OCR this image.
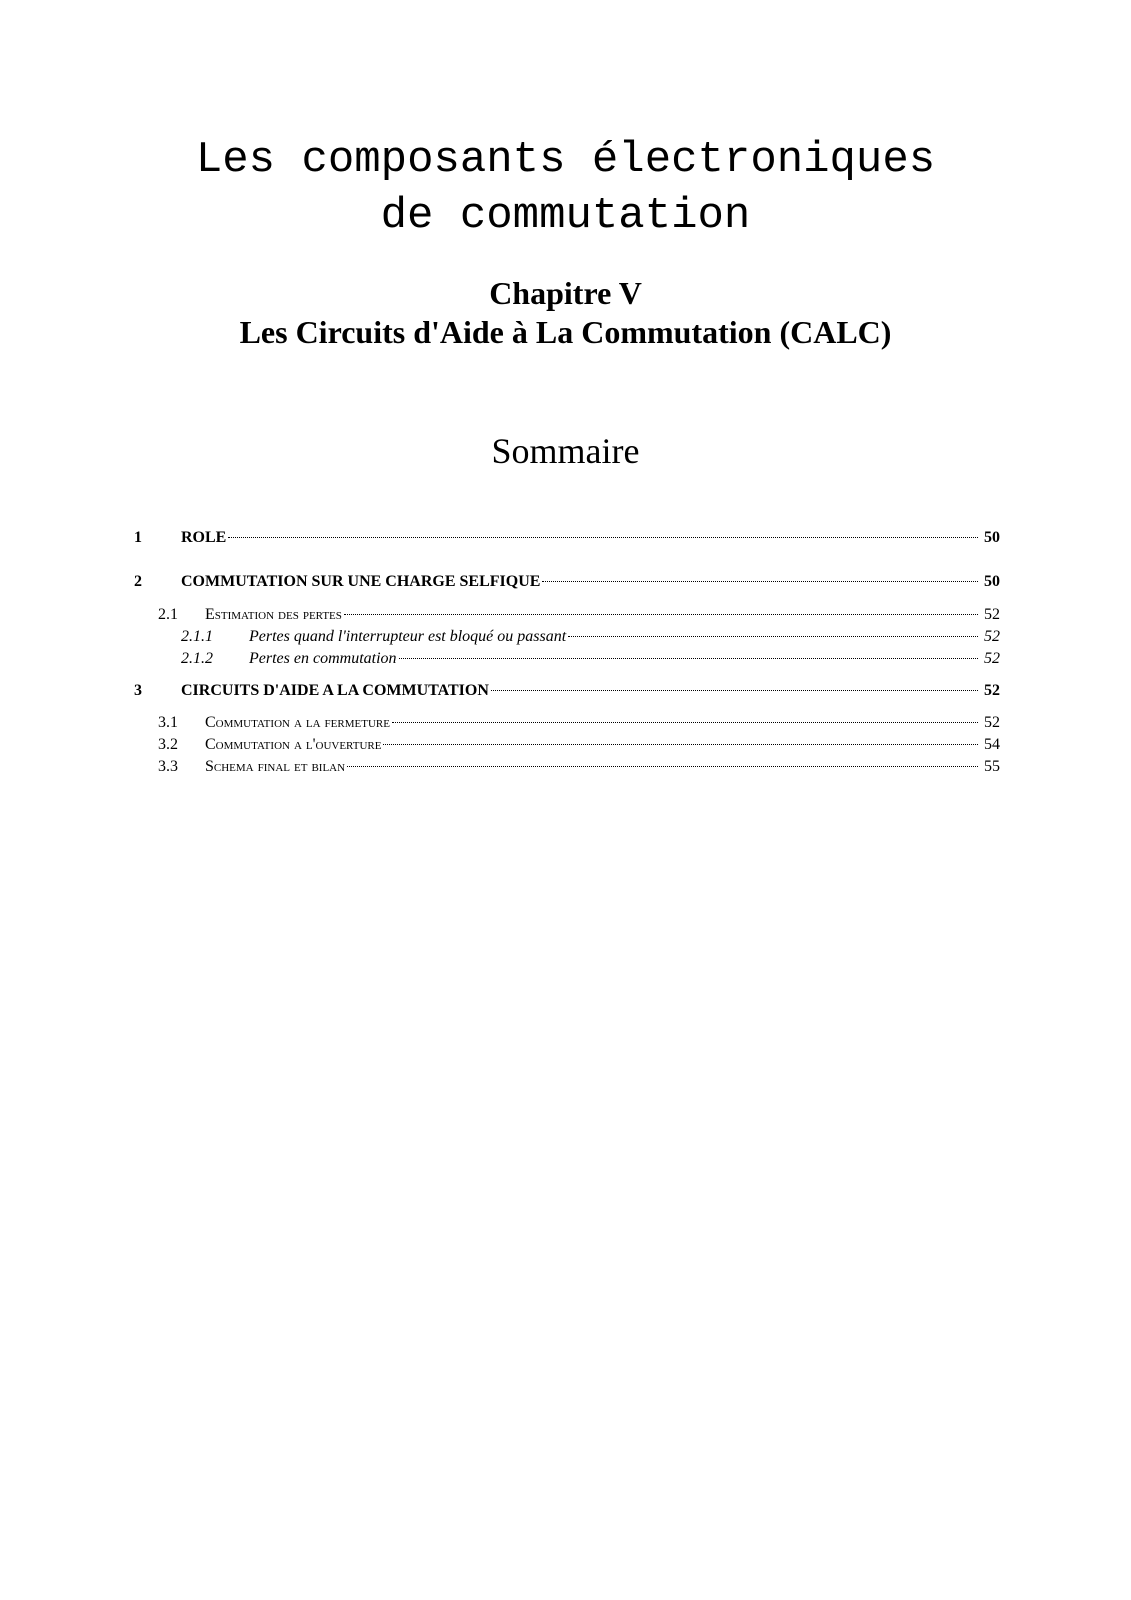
Les composants électroniques
de commutation
Chapitre V
Les Circuits d'Aide à La Commutation (CALC)
Sommaire
1 ROLE	50
2 COMMUTATION SUR UNE CHARGE SELFIQUE	50
2.1 Estimation des pertes	52
2.1.1 Pertes quand l'interrupteur est bloqué ou passant	52
2.1.2 Pertes en commutation	52
3 CIRCUITS D'AIDE A LA COMMUTATION	52
3.1 Commutation a la fermeture	52
3.2 Commutation a l'ouverture	54
3.3 Schema final et bilan	55
